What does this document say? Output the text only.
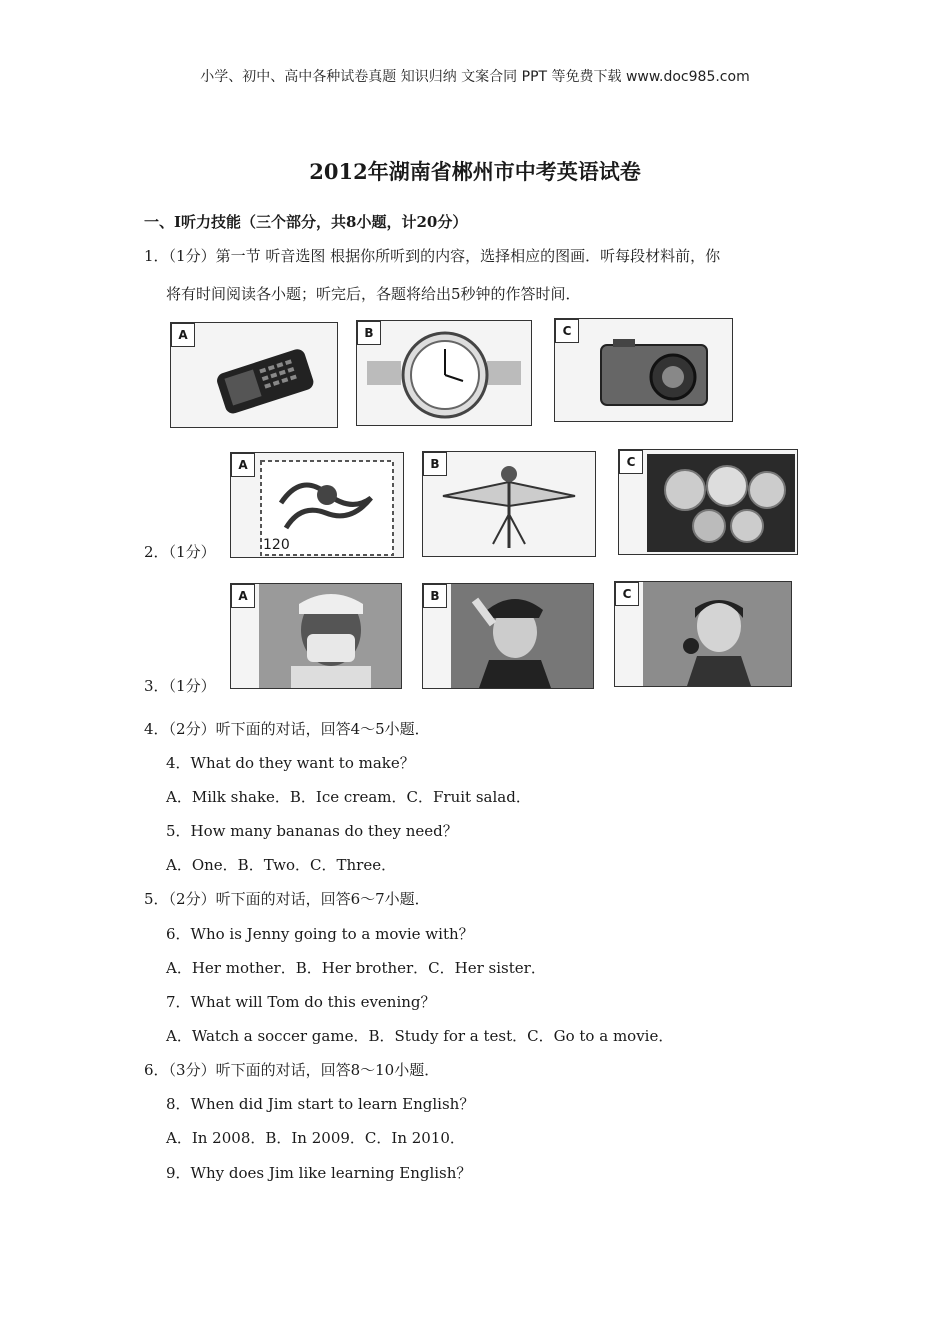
小学、初中、高中各种试卷真题 知识归纳 文案合同 PPT 等免费下载 www.doc985.com
2012年湖南省郴州市中考英语试卷
一、Ⅰ听力技能（三个部分，共8小题，计20分）
1．（1分）第一节 听音选图 根据你所听到的内容，选择相应的图画．听每段材料前，你
将有时间阅读各小题；听完后，各题将给出5秒钟的作答时间．
A	B	C
2．（1分）	120
A	B	C
3．（1分）
A	B	C
4．（2分）听下面的对话，回答4～5小题．
4．What do they want to make？
A．Milk shake．B．Ice cream．C．Fruit salad．
5．How many bananas do they need？
A．One．B．Two．C．Three．
5．（2分）听下面的对话，回答6～7小题．
6．Who is Jenny going to a movie with？
A．Her mother．B．Her brother．C．Her sister．
7．What will Tom do this evening？
A．Watch a soccer game．B．Study for a test．C．Go to a movie．
6．（3分）听下面的对话，回答8～10小题．
8．When did Jim start to learn English？
A．In 2008．B．In 2009．C．In 2010．
9．Why does Jim like learning English？
